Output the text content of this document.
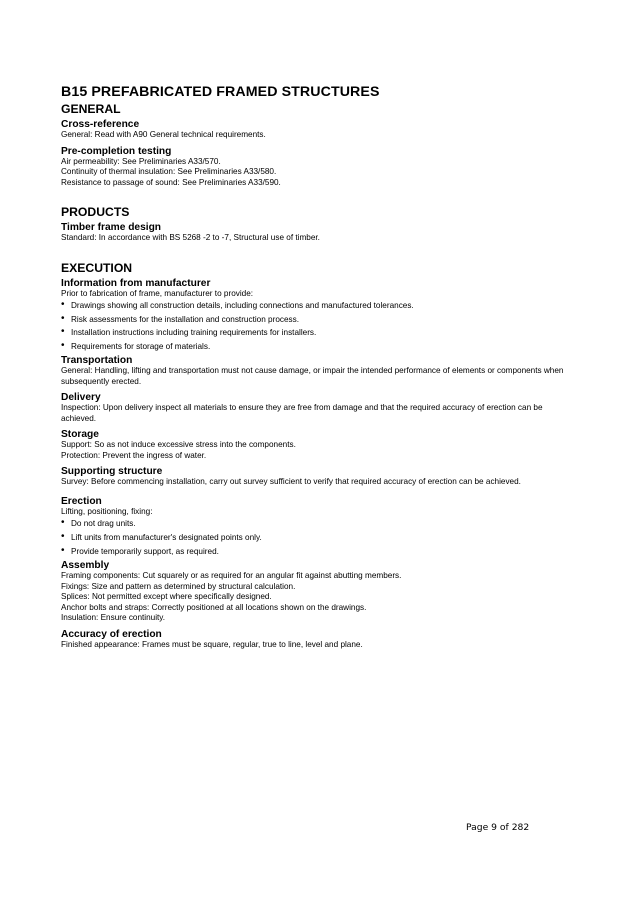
B15 PREFABRICATED FRAMED STRUCTURES
GENERAL
Cross-reference

General: Read with A90 General technical requirements.

Pre-completion testing

Air permeability: See Preliminaries A33/570.

Continuity of thermal insulation: See Preliminaries A33/580.

Resistance to passage of sound: See Preliminaries A33/590.

PRODUCTS
Timber frame design

Standard: In accordance with BS 5268 -2 to -7, Structural use of timber.

EXECUTION
Information from manufacturer

Prior to fabrication of frame, manufacturer to provide:

• Drawings showing all construction details, including connections and manufactured tolerances.
• Risk assessments for the installation and construction process.
• Installation instructions including training requirements for installers.
• Requirements for storage of materials.
Transportation

General: Handling, lifting and transportation must not cause damage, or impair the intended performance of elements or components when subsequently erected.

Delivery

Inspection: Upon delivery inspect all materials to ensure they are free from damage and that the required accuracy of erection can be achieved.

Storage

Support: So as not induce excessive stress into the components.

Protection: Prevent the ingress of water.

Supporting structure

Survey: Before commencing installation, carry out survey sufficient to verify that required accuracy of erection can be achieved.

Erection

Lifting, positioning, fixing:

• Do not drag units.
• Lift units from manufacturer's designated points only.
• Provide temporarily support, as required.
Assembly

Framing components: Cut squarely or as required for an angular fit against abutting members.

Fixings: Size and pattern as determined by structural calculation.

Splices: Not permitted except where specifically designed.

Anchor bolts and straps: Correctly positioned at all locations shown on the drawings.

Insulation: Ensure continuity.

Accuracy of erection

Finished appearance: Frames must be square, regular, true to line, level and plane.

Page 9 of 282
